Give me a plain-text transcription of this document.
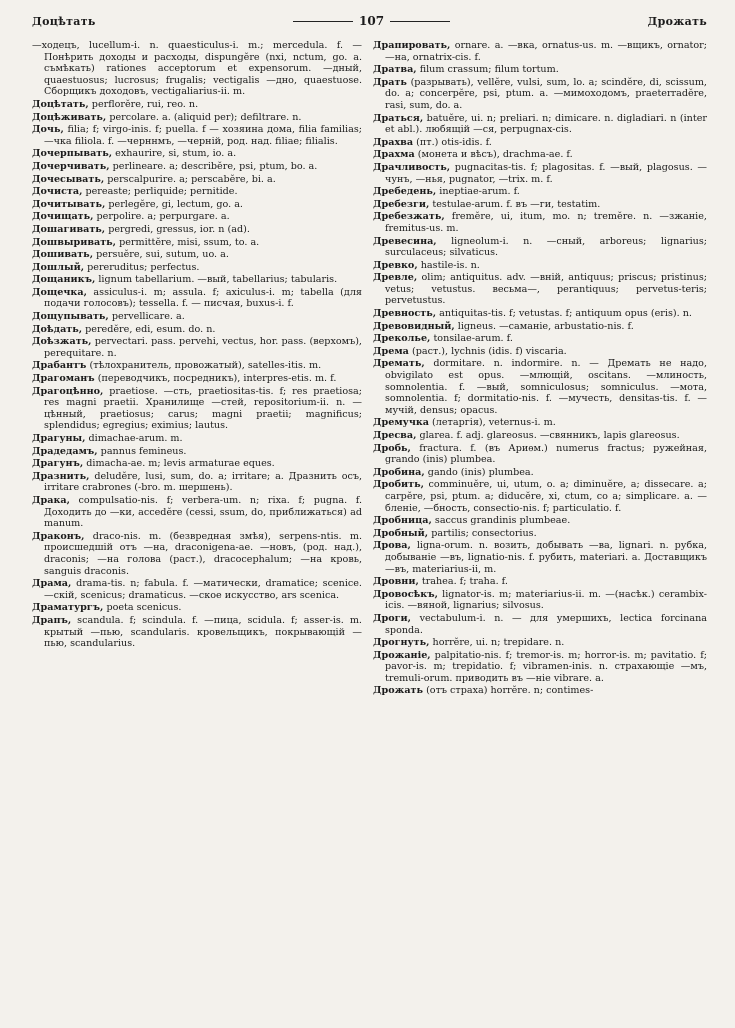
Доцѣтать	107	Дрожать

—ходецъ, lucellum-i. n. quaesticulus-i. m.; mercedula. f. — Понѣрить доходы и расходы, dispungĕre (nxi, nctum, go. a. съмѣкать) rationes acceptorum et expensorum. —дный, quaestuosus; lucrosus; frugalis; vectigalis —дно, quaestuose. Сборщикъ доходовъ, vectigaliarius-ii. m.

Доцѣтать, perflorĕre, rui, reo. n.

Доцѣживать, percolare. a. (aliquid per); defiltrare. n.

Дочь, filia; f; virgo-inis. f; puella. f — хозяина дома, filia familias; —чка filiola. f. —черннмъ, —черній, род. над. filiae; filialis.

Дочерпывать, exhaurire, si, stum, io. a.

Дочерчивать, perlineare. a; describĕre, psi, ptum, bo. a.

Дочесывать, perscalpurire. a; perscabĕre, bi. a.

Дочиста, pereaste; perliquide; pernitide.

Дочитывать, perlegĕre, gi, lectum, go. a.

Дочищать, perpolire. a; perpurgare. a.

Дошагивать, pergredi, gressus, ior. n (ad).

Дошвыривать, permittĕre, misi, ssum, to. a.

Дошивать, persuĕre, sui, sutum, uo. a.

Дошлый, pereruditus; perfectus.

Дощаникъ, lignum tabellarium. —вый, tabellarius; tabularis.

Дощечка, assiculus-i. m; assula. f; axiculus-i. m; tabella (для подачи голосовъ); tessella. f. — писчая, buxus-i. f.

Дощупывать, pervellicare. a.

Доѣдать, peredĕre, edi, esum. do. n.

Доѣзжать, pervectari. pass. pervehi, vectus, hor. pass. (верхомъ), perequitare. n.

Драбантъ (тѣлохранитель, провожатый), satelles-itis. m.

Драгоманъ (переводчикъ, посредникъ), interpres-etis. m. f.

Драгоцѣнно, praetiose. —сть, praetiositas-tis. f; res praetiosa; res magni praetii. Хранилище —стей, repositorium-ii. n. —цѣнный, praetiosus; carus; magni praetii; magnificus; splendidus; egregius; eximius; lautus.

Драгуны, dimachae-arum. m.

Драдедамъ, pannus femineus.

Драгунъ, dimacha-ae. m; levis armaturae eques.

Дразнить, deludĕre, lusi, sum, do. a; irritare; a. Дразнить осъ, irritare crabrones (-bro. m. шершень).

Драка, compulsatio-nis. f; verbera-um. n; rixa. f; pugna. f. Доходить до —ки, accedĕre (cessi, ssum, do, приближаться) ad manum.

Драконъ, draco-nis. m. (безвредная змѣя), serpens-ntis. m. происшедшій отъ —на, draconigena-ae. —новъ, (род. над.), draconis; —на голова (раст.), dracocephalum; —на кровь, sanguis draconis.

Драма, drama-tis. n; fabula. f. —матически, dramatice; scenice. —скій, scenicus; dramaticus. —ское искусство, ars scenica.

Драматургъ, poeta scenicus.

Драпъ, scandula. f; scindula. f. —пица, scidula. f; asser-is. m. крытый —пью, scandularis. кровельщикъ, покрывающій —пью, scandularius.

Драпировать, ornare. a. —вка, ornatus-us. m. —вщикъ, ornator; —на, ornatrix-cis. f.

Дратва, filum crassum; filum tortum.

Драть (разрывать), vellĕre, vulsi, sum, lo. a; scindĕre, di, scissum, do. a; concerpĕre, psi, ptum. a. —мимоходомъ, praeterradĕre, rasi, sum, do. a.

Драться, batuĕre, ui. n; preliari. n; dimicare. n. digladiari. n (inter et abl.). любящій —ся, perpugnax-cis.

Драхва (пт.) otis-idis. f.

Драхма (монета и вѣсъ), drachma-ae. f.

Драчливость, pugnacitas-tis. f; plagositas. f. —вый, plagosus. —чунъ, —нья, pugnator, —trix. m. f.

Дребедень, ineptiae-arum. f.

Дребезги, testulae-arum. f. въ —ги, testatim.

Дребезжать, fremĕre, ui, itum, mo. n; tremĕre. n. —зжаніе, fremitus-us. m.

Древесина, ligneolum-i. n. —сный, arboreus; lignarius; surculaceus; silvaticus.

Древко, hastile-is. n.

Древле, olim; antiquitus. adv. —вній, antiquus; priscus; pristinus; vetus; vetustus. весьма—, perantiquus; pervetus-teris; pervetustus.

Древность, antiquitas-tis. f; vetustas. f; antiquum opus (eris). n.

Древовидный, ligneus. —саманіе, arbustatio-nis. f.

Дреколье, tonsilae-arum. f.

Дрема (раст.), lychnis (idis. f) viscaria.

Дремать, dormitare. n. indormire. n. — Дремать не надо, obvigilato est opus. —млющій, oscitans. —млиность, somnolentia. f. —вый, somniculosus; somniculus. —мота, somnolentia. f; dormitatio-nis. f. —мучесть, densitas-tis. f. —мучій, densus; opacus.

Дремучка (летаргія), veternus-i. m.

Дресва, glarea. f. adj. glareosus. —свянникъ, lapis glareosus.

Дробь, fractura. f. (въ Ариѳм.) numerus fractus; ружейная, grando (inis) plumbea.

Дробина, gando (inis) plumbea.

Дробить, comminuĕre, ui, utum, o. a; diminuĕre, a; dissecare. a; carpĕre, psi, ptum. a; diducĕre, xi, ctum, co a; simplicare. a. —бленіе, —бность, consectio-nis. f; particulatio. f.

Дробница, saccus grandinis plumbeae.

Дробный, partilis; consectorius.

Дрова, ligna-orum. n. возить, добывать —ва, lignari. n. рубка, добываніе —въ, lignatio-nis. f. рубить, materiari. a. Доставщикъ —въ, materiarius-ii, m.

Дровни, trahea. f; traha. f.

Дровосѣкъ, lignator-is. m; materiarius-ii. m. —(насѣк.) cerambix-icis. —вяной, lignarius; silvosus.

Дроги, vectabulum-i. n. — для умершихъ, lectica forcinana sponda.

Дрогнуть, horrĕre, ui. n; trepidare. n.

Дрожаніе, palpitatio-nis. f; tremor-is. m; horror-is. m; pavitatio. f; pavor-is. m; trepidatio. f; vibramen-inis. n. страхающіе —мъ, tremuli-orum. приводить въ —ніе vibrare. a.

Дрожать (отъ страха) horrĕre. n; contimes-
